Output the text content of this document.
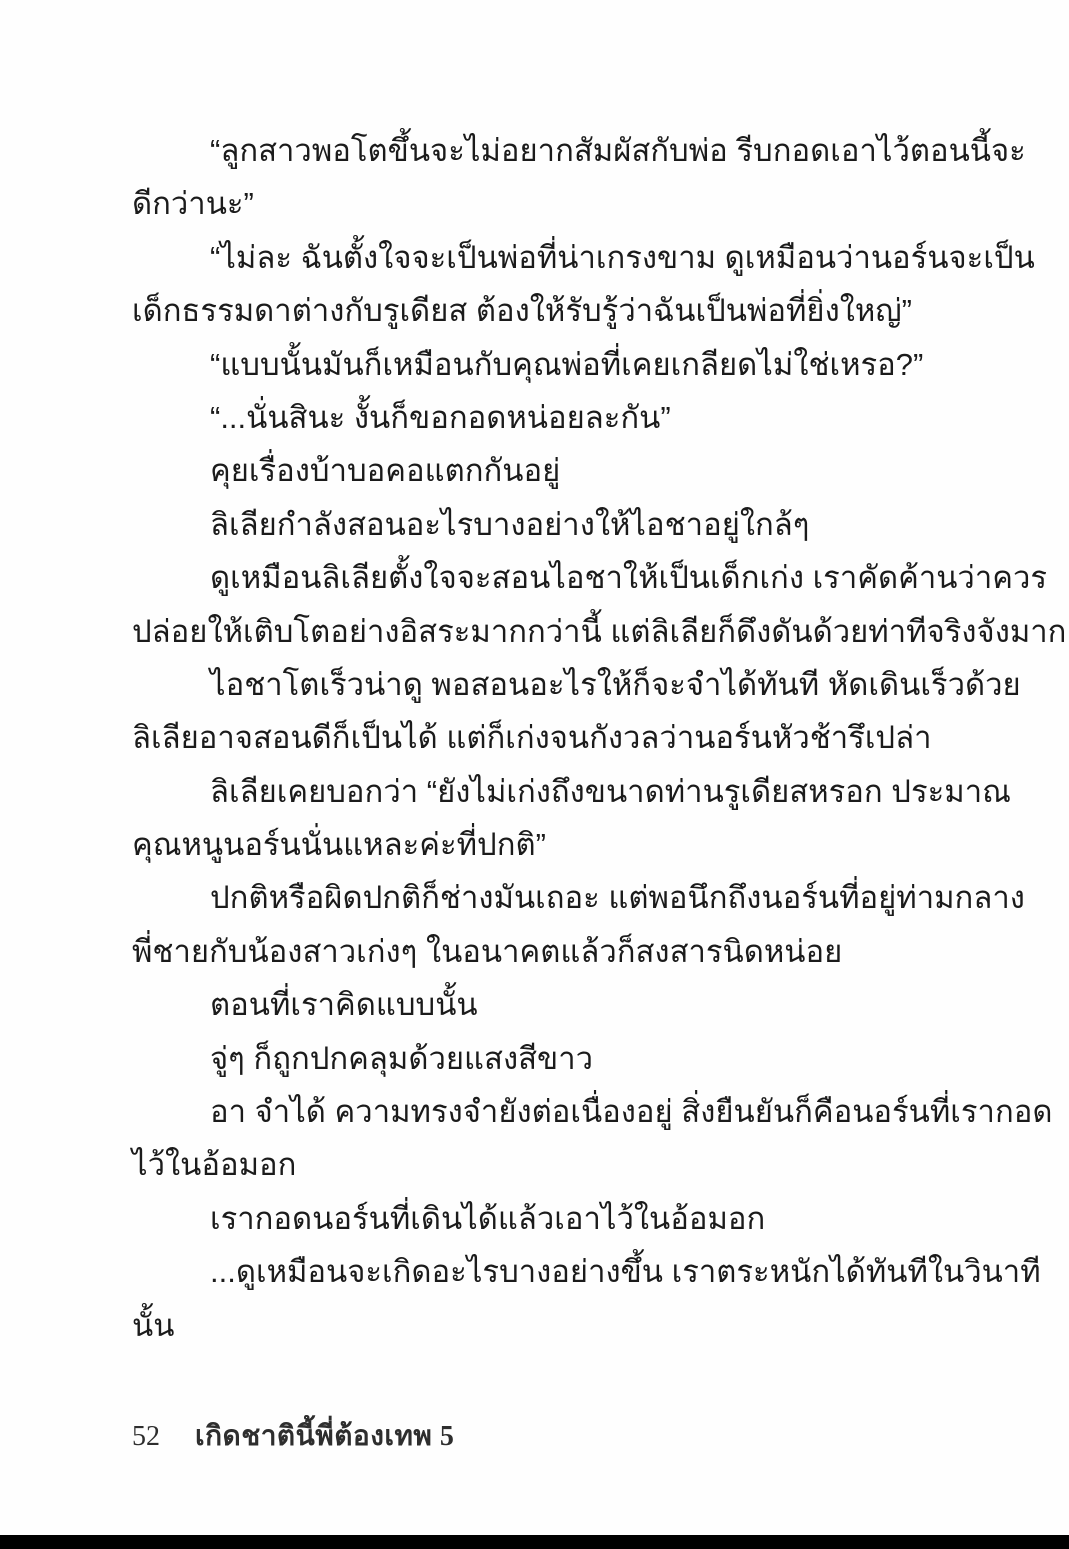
“ลูกสาวพอโตขึ้นจะไม่อยากสัมผัสกับพ่อ รีบกอดเอาไว้ตอนนี้จะ
ดีกว่านะ”
“ไม่ละ ฉันตั้งใจจะเป็นพ่อที่น่าเกรงขาม ดูเหมือนว่านอร์นจะเป็น
เด็กธรรมดาต่างกับรูเดียส ต้องให้รับรู้ว่าฉันเป็นพ่อที่ยิ่งใหญ่”
“แบบนั้นมันก็เหมือนกับคุณพ่อที่เคยเกลียดไม่ใช่เหรอ?”
“...นั่นสินะ งั้นก็ขอกอดหน่อยละกัน”
คุยเรื่องบ้าบอคอแตกกันอยู่
ลิเลียกำลังสอนอะไรบางอย่างให้ไอชาอยู่ใกล้ๆ
ดูเหมือนลิเลียตั้งใจจะสอนไอชาให้เป็นเด็กเก่ง เราคัดค้านว่าควร
ปล่อยให้เติบโตอย่างอิสระมากกว่านี้ แต่ลิเลียก็ดึงดันด้วยท่าทีจริงจังมาก
ไอชาโตเร็วน่าดู พอสอนอะไรให้ก็จะจำได้ทันที หัดเดินเร็วด้วย
ลิเลียอาจสอนดีก็เป็นได้ แต่ก็เก่งจนกังวลว่านอร์นหัวช้ารึเปล่า
ลิเลียเคยบอกว่า “ยังไม่เก่งถึงขนาดท่านรูเดียสหรอก ประมาณ
คุณหนูนอร์นนั่นแหละค่ะที่ปกติ”
ปกติหรือผิดปกติก็ช่างมันเถอะ แต่พอนึกถึงนอร์นที่อยู่ท่ามกลาง
พี่ชายกับน้องสาวเก่งๆ ในอนาคตแล้วก็สงสารนิดหน่อย
ตอนที่เราคิดแบบนั้น
จู่ๆ ก็ถูกปกคลุมด้วยแสงสีขาว
อา จำได้ ความทรงจำยังต่อเนื่องอยู่ สิ่งยืนยันก็คือนอร์นที่เรากอด
ไว้ในอ้อมอก
เรากอดนอร์นที่เดินได้แล้วเอาไว้ในอ้อมอก
...ดูเหมือนจะเกิดอะไรบางอย่างขึ้น เราตระหนักได้ทันทีในวินาที
นั้น
52	เกิดชาตินี้พี่ต้องเทพ 5
